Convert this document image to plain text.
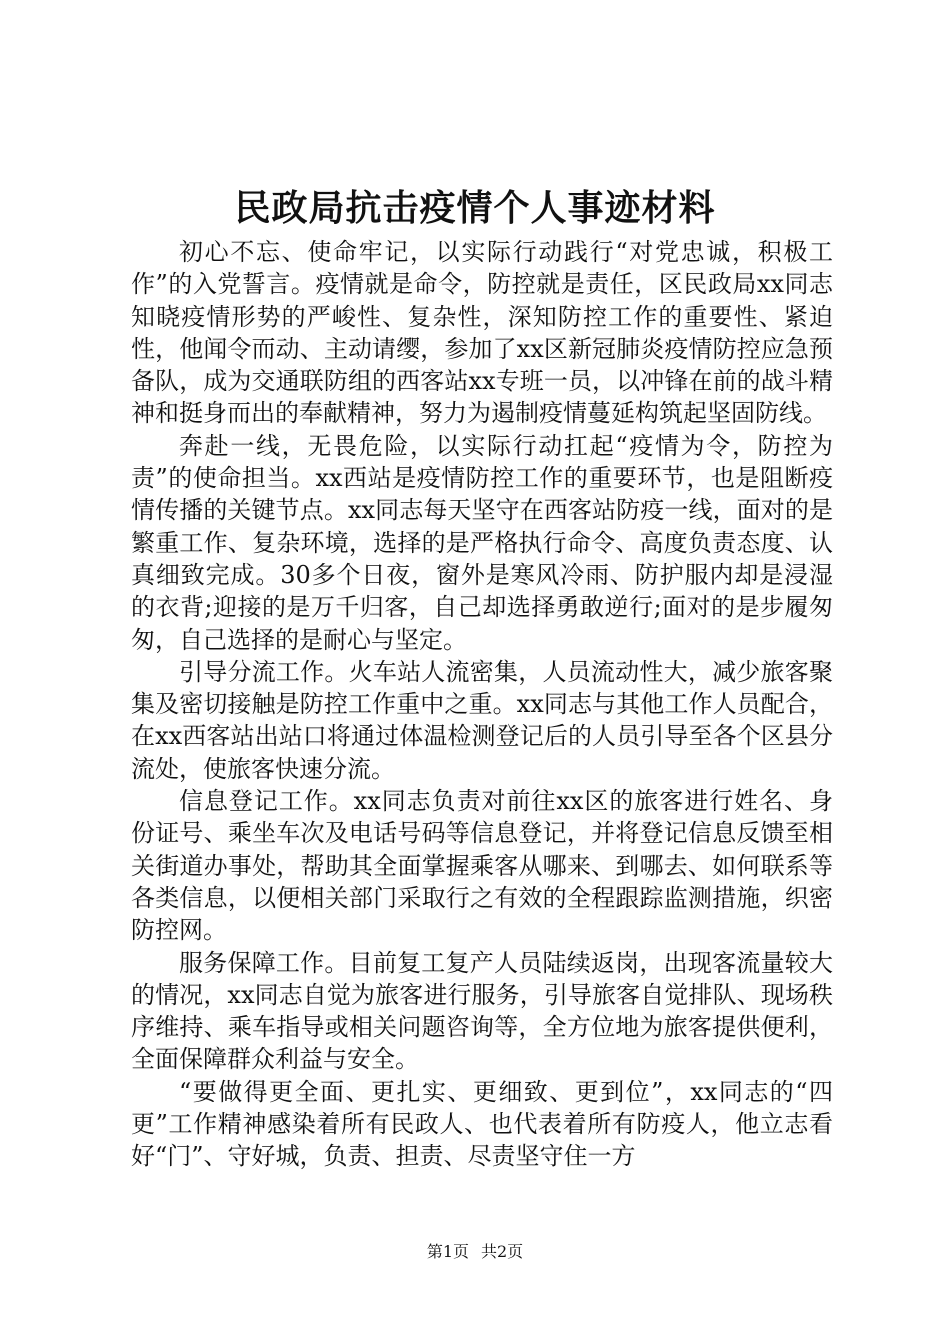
民政局抗击疫情个人事迹材料

初心不忘、使命牢记，以实际行动践行“对党忠诚，积极工作”的入党誓言。疫情就是命令，防控就是责任，区民政局xx同志知晓疫情形势的严峻性、复杂性，深知防控工作的重要性、紧迫性，他闻令而动、主动请缨，参加了xx区新冠肺炎疫情防控应急预备队，成为交通联防组的西客站xx专班一员，以冲锋在前的战斗精神和挺身而出的奉献精神，努力为遏制疫情蔓延构筑起坚固防线。

奔赴一线，无畏危险，以实际行动扛起“疫情为令，防控为责”的使命担当。xx西站是疫情防控工作的重要环节，也是阻断疫情传播的关键节点。xx同志每天坚守在西客站防疫一线，面对的是繁重工作、复杂环境，选择的是严格执行命令、高度负责态度、认真细致完成。30多个日夜，窗外是寒风冷雨、防护服内却是浸湿的衣背;迎接的是万千归客，自己却选择勇敢逆行;面对的是步履匆匆，自己选择的是耐心与坚定。

引导分流工作。火车站人流密集，人员流动性大，减少旅客聚集及密切接触是防控工作重中之重。xx同志与其他工作人员配合，在xx西客站出站口将通过体温检测登记后的人员引导至各个区县分流处，使旅客快速分流。

信息登记工作。xx同志负责对前往xx区的旅客进行姓名、身份证号、乘坐车次及电话号码等信息登记，并将登记信息反馈至相关街道办事处，帮助其全面掌握乘客从哪来、到哪去、如何联系等各类信息，以便相关部门采取行之有效的全程跟踪监测措施，织密防控网。

服务保障工作。目前复工复产人员陆续返岗，出现客流量较大的情况，xx同志自觉为旅客进行服务，引导旅客自觉排队、现场秩序维持、乘车指导或相关问题咨询等，全方位地为旅客提供便利，全面保障群众利益与安全。

“要做得更全面、更扎实、更细致、更到位”，xx同志的“四更”工作精神感染着所有民政人、也代表着所有防疫人，他立志看好“门”、守好城，负责、担责、尽责坚守住一方

第1页 共2页
